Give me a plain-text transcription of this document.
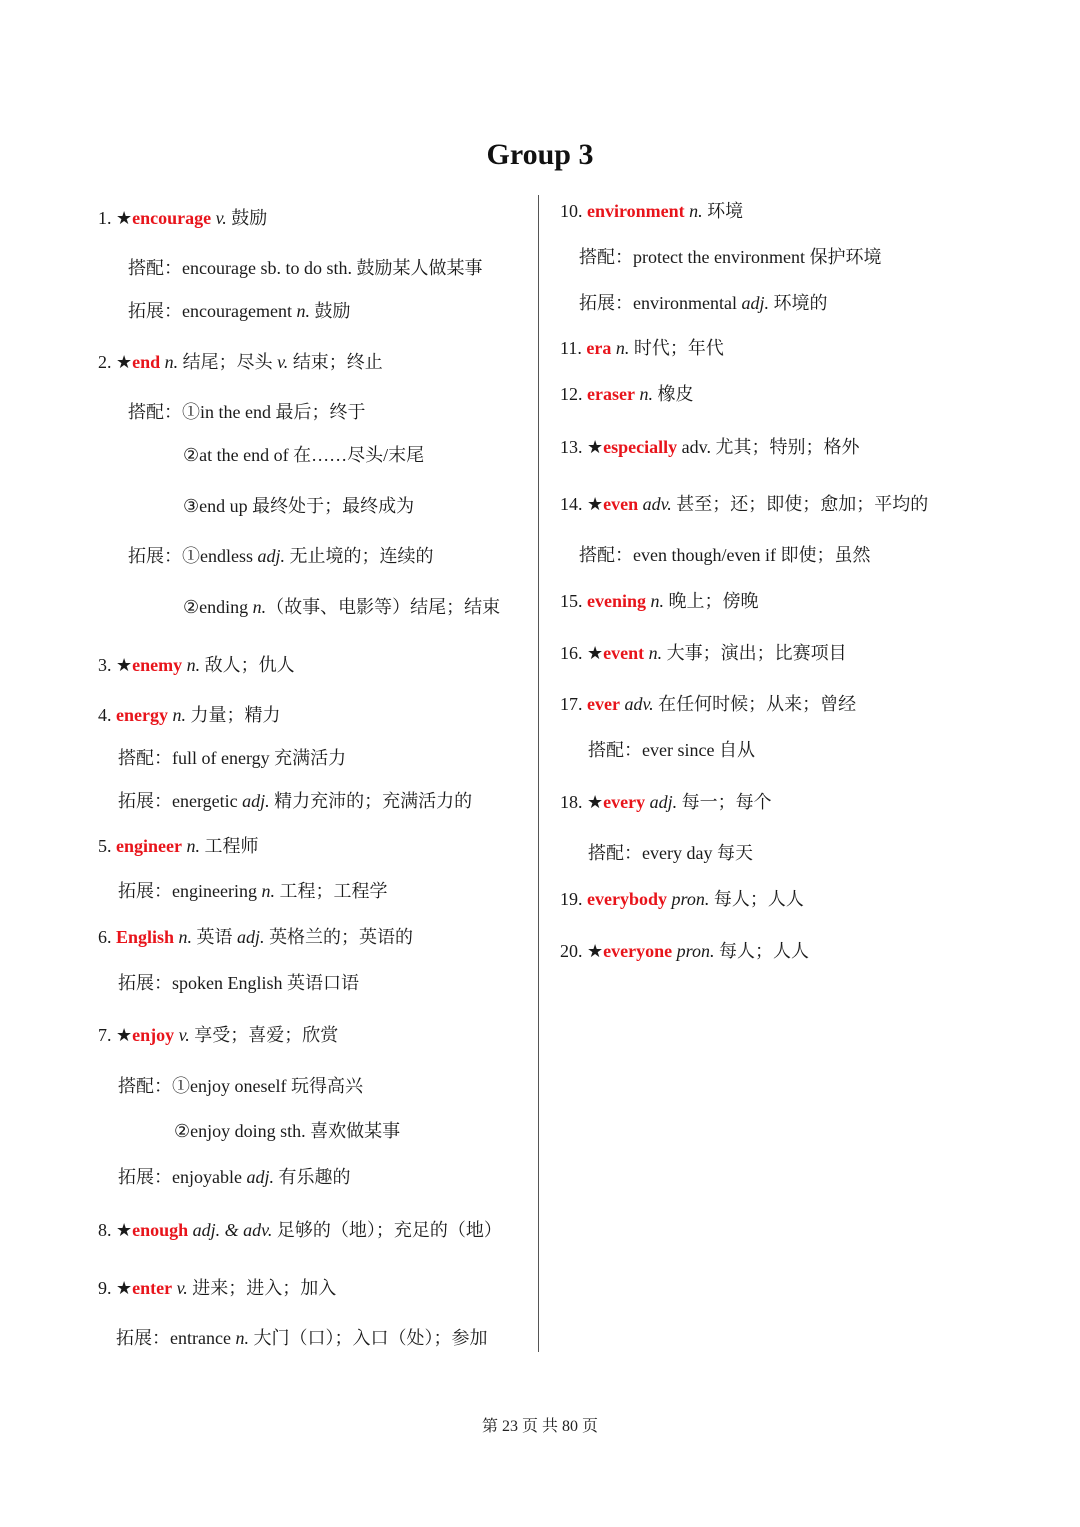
Group 3
1. ★encourage v. 鼓励
搭配：encourage sb. to do sth. 鼓励某人做某事
拓展：encouragement n. 鼓励
2. ★end n. 结尾；尽头 v. 结束；终止
搭配：①in the end 最后；终于
②at the end of 在……尽头/末尾
③end up 最终处于；最终成为
拓展：①endless adj. 无止境的；连续的
②ending n.（故事、电影等）结尾；结束
3. ★enemy n. 敌人；仇人
4. energy n. 力量；精力
搭配：full of energy 充满活力
拓展：energetic adj. 精力充沛的；充满活力的
5. engineer n. 工程师
拓展：engineering n. 工程；工程学
6. English n. 英语 adj. 英格兰的；英语的
拓展：spoken English 英语口语
7. ★enjoy v. 享受；喜爱；欣赏
搭配：①enjoy oneself 玩得高兴
②enjoy doing sth. 喜欢做某事
拓展：enjoyable adj. 有乐趣的
8. ★enough adj. & adv. 足够的（地）；充足的（地）
9. ★enter v. 进来；进入；加入
拓展：entrance n. 大门（口）；入口（处）；参加
10. environment n. 环境
搭配：protect the environment 保护环境
拓展：environmental adj. 环境的
11. era n. 时代；年代
12. eraser n. 橡皮
13. ★especially adv. 尤其；特别；格外
14. ★even adv. 甚至；还；即使；愈加；平均的
搭配：even though/even if 即使；虽然
15. evening n. 晚上；傍晚
16. ★event n. 大事；演出；比赛项目
17. ever adv. 在任何时候；从来；曾经
搭配：ever since 自从
18. ★every adj. 每一；每个
搭配：every day 每天
19. everybody pron. 每人；人人
20. ★everyone pron. 每人；人人
第 23 页 共 80 页
